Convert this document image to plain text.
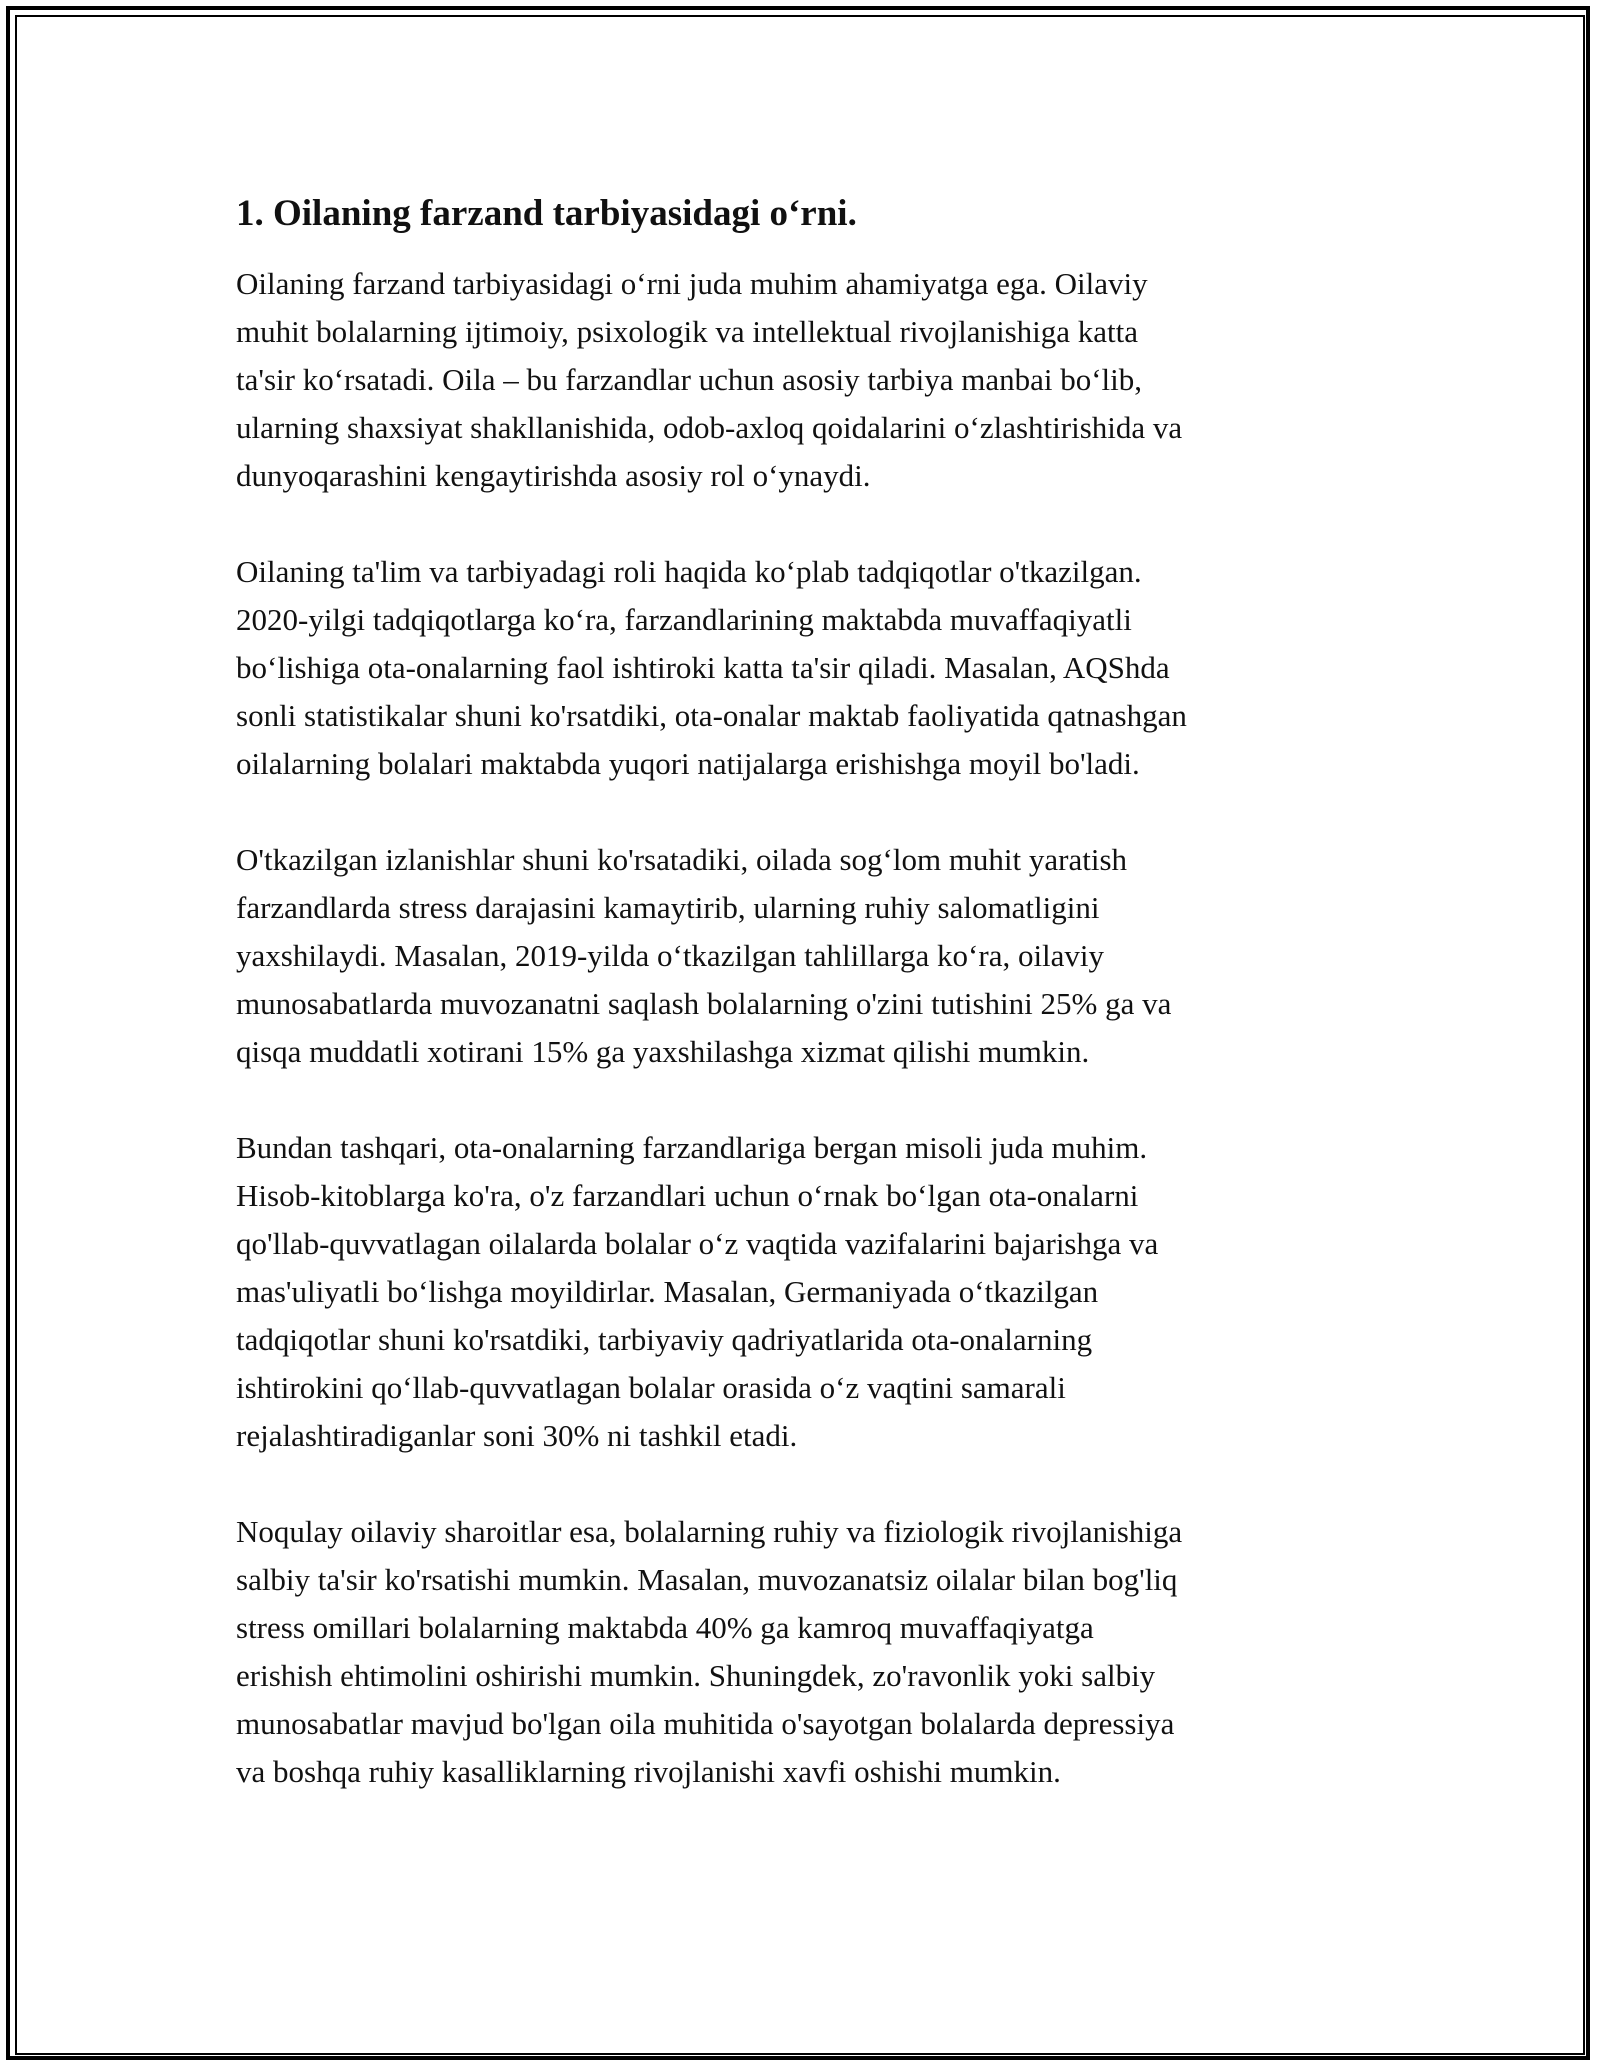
1. Oilaning farzand tarbiyasidagi o‘rni.

Oilaning farzand tarbiyasidagi o‘rni juda muhim ahamiyatga ega. Oilaviy
muhit bolalarning ijtimoiy, psixologik va intellektual rivojlanishiga katta
ta'sir ko‘rsatadi. Oila – bu farzandlar uchun asosiy tarbiya manbai bo‘lib,
ularning shaxsiyat shakllanishida, odob-axloq qoidalarini o‘zlashtirishida va
dunyoqarashini kengaytirishda asosiy rol o‘ynaydi.

Oilaning ta'lim va tarbiyadagi roli haqida ko‘plab tadqiqotlar o'tkazilgan.
2020-yilgi tadqiqotlarga ko‘ra, farzandlarining maktabda muvaffaqiyatli
bo‘lishiga ota-onalarning faol ishtiroki katta ta'sir qiladi. Masalan, AQShda
sonli statistikalar shuni ko'rsatdiki, ota-onalar maktab faoliyatida qatnashgan
oilalarning bolalari maktabda yuqori natijalarga erishishga moyil bo'ladi.

O'tkazilgan izlanishlar shuni ko'rsatadiki, oilada sog‘lom muhit yaratish
farzandlarda stress darajasini kamaytirib, ularning ruhiy salomatligini
yaxshilaydi. Masalan, 2019-yilda o‘tkazilgan tahlillarga ko‘ra, oilaviy
munosabatlarda muvozanatni saqlash bolalarning o'zini tutishini 25% ga va
qisqa muddatli xotirani 15% ga yaxshilashga xizmat qilishi mumkin.

Bundan tashqari, ota-onalarning farzandlariga bergan misoli juda muhim.
Hisob-kitoblarga ko'ra, o'z farzandlari uchun o‘rnak bo‘lgan ota-onalarni
qo'llab-quvvatlagan oilalarda bolalar o‘z vaqtida vazifalarini bajarishga va
mas'uliyatli bo‘lishga moyildirlar. Masalan, Germaniyada o‘tkazilgan
tadqiqotlar shuni ko'rsatdiki, tarbiyaviy qadriyatlarida ota-onalarning
ishtirokini qo‘llab-quvvatlagan bolalar orasida o‘z vaqtini samarali
rejalashtiradiganlar soni 30% ni tashkil etadi.

Noqulay oilaviy sharoitlar esa, bolalarning ruhiy va fiziologik rivojlanishiga
salbiy ta'sir ko'rsatishi mumkin. Masalan, muvozanatsiz oilalar bilan bog'liq
stress omillari bolalarning maktabda 40% ga kamroq muvaffaqiyatga
erishish ehtimolini oshirishi mumkin. Shuningdek, zo'ravonlik yoki salbiy
munosabatlar mavjud bo'lgan oila muhitida o'sayotgan bolalarda depressiya
va boshqa ruhiy kasalliklarning rivojlanishi xavfi oshishi mumkin.
